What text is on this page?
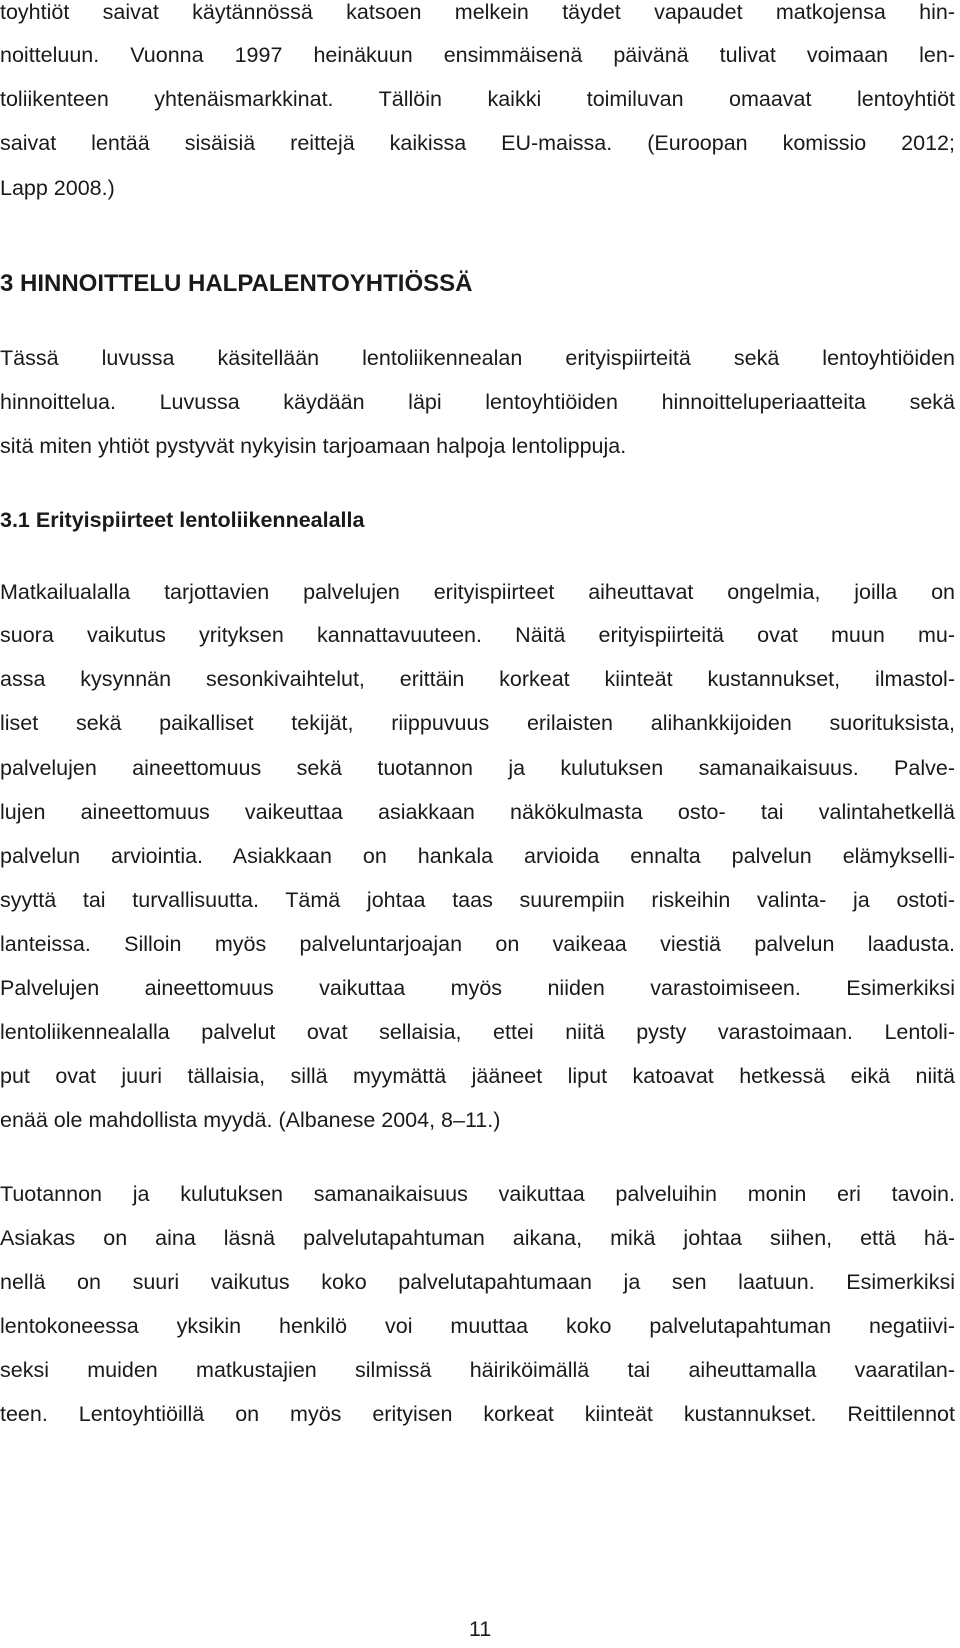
toyhtiöt saivat käytännössä katsoen melkein täydet vapaudet matkojensa hin-
noitteluun. Vuonna 1997 heinäkuun ensimmäisenä päivänä tulivat voimaan len-
toliikenteen yhtenäismarkkinat. Tällöin kaikki toimiluvan omaavat lentoyhtiöt
saivat lentää sisäisiä reittejä kaikissa EU-maissa. (Euroopan komissio 2012;
Lapp 2008.)
3 HINNOITTELU HALPALENTOYHTIÖSSÄ
Tässä luvussa käsitellään lentoliikennealan erityispiirteitä sekä lentoyhtiöiden
hinnoittelua. Luvussa käydään läpi lentoyhtiöiden hinnoitteluperiaatteita sekä
sitä miten yhtiöt pystyvät nykyisin tarjoamaan halpoja lentolippuja.
3.1 Erityispiirteet lentoliikennealalla
Matkailualalla tarjottavien palvelujen erityispiirteet aiheuttavat ongelmia, joilla on
suora vaikutus yrityksen kannattavuuteen. Näitä erityispiirteitä ovat muun mu-
assa kysynnän sesonkivaihtelut, erittäin korkeat kiinteät kustannukset, ilmastol-
liset sekä paikalliset tekijät, riippuvuus erilaisten alihankkijoiden suorituksista,
palvelujen aineettomuus sekä tuotannon ja kulutuksen samanaikaisuus. Palve-
lujen aineettomuus vaikeuttaa asiakkaan näkökulmasta osto- tai valintahetkellä
palvelun arviointia. Asiakkaan on hankala arvioida ennalta palvelun elämykselli-
syyttä tai turvallisuutta. Tämä johtaa taas suurempiin riskeihin valinta- ja ostoti-
lanteissa. Silloin myös palveluntarjoajan on vaikeaa viestiä palvelun laadusta.
Palvelujen aineettomuus vaikuttaa myös niiden varastoimiseen. Esimerkiksi
lentoliikennealalla palvelut ovat sellaisia, ettei niitä pysty varastoimaan. Lentoli-
put ovat juuri tällaisia, sillä myymättä jääneet liput katoavat hetkessä eikä niitä
enää ole mahdollista myydä. (Albanese 2004, 8–11.)
Tuotannon ja kulutuksen samanaikaisuus vaikuttaa palveluihin monin eri tavoin.
Asiakas on aina läsnä palvelutapahtuman aikana, mikä johtaa siihen, että hä-
nellä on suuri vaikutus koko palvelutapahtumaan ja sen laatuun. Esimerkiksi
lentokoneessa yksikin henkilö voi muuttaa koko palvelutapahtuman negatiivi-
seksi muiden matkustajien silmissä häiriköimällä tai aiheuttamalla vaaratilan-
teen. Lentoyhtiöillä on myös erityisen korkeat kiinteät kustannukset. Reittilennot
11
